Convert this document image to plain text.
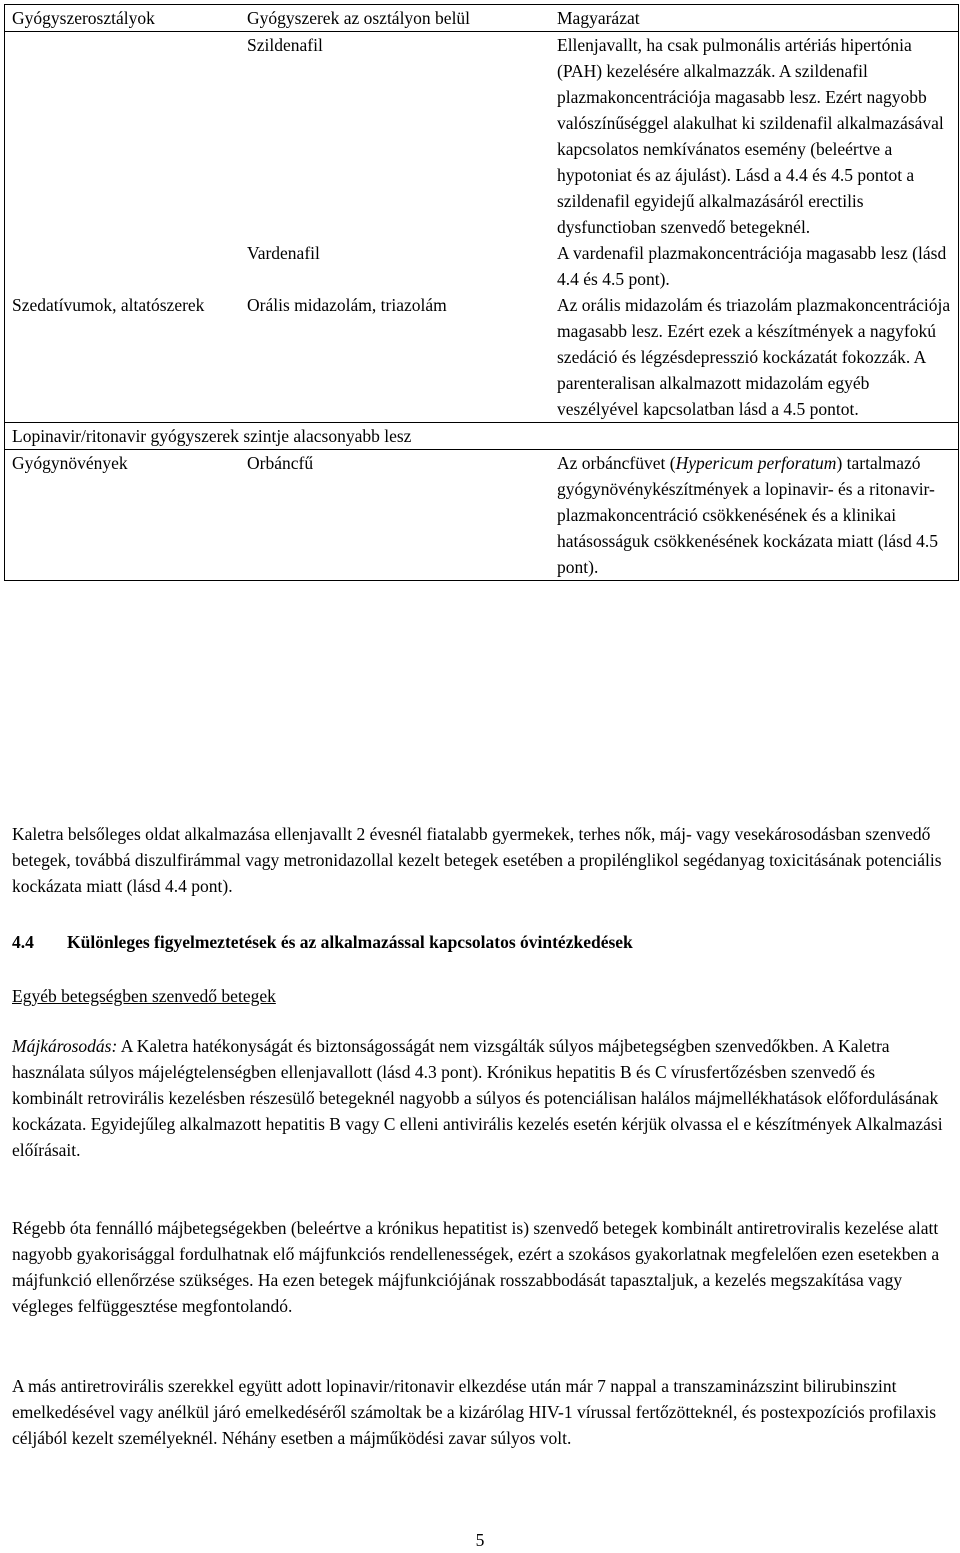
Gyógyszerosztályok	Gyógyszerek az osztályon belül	Magyarázat
	Szildenafil	Ellenjavallt, ha csak pulmonális artériás hipertónia (PAH) kezelésére alkalmazzák. A szildenafil plazmakoncentrációja magasabb lesz. Ezért nagyobb valószínűséggel alakulhat ki szildenafil alkalmazásával kapcsolatos nemkívánatos esemény (beleértve a hypotoniat és az ájulást). Lásd a 4.4 és 4.5 pontot a szildenafil egyidejű alkalmazásáról erectilis dysfunctioban szenvedő betegeknél.
	Vardenafil	A vardenafil plazmakoncentrációja magasabb lesz (lásd 4.4 és 4.5 pont).
Szedatívumok, altatószerek	Orális midazolám, triazolám	Az orális midazolám és triazolám plazmakoncentrációja magasabb lesz. Ezért ezek a készítmények a nagyfokú szedáció és légzésdepresszió kockázatát fokozzák. A parenteralisan alkalmazott midazolám egyéb veszélyével kapcsolatban lásd a 4.5 pontot.
Lopinavir/ritonavir gyógyszerek szintje alacsonyabb lesz		
Gyógynövények	Orbáncfű	Az orbáncfüvet (Hypericum perforatum) tartalmazó gyógynövénykészítmények a lopinavir- és a ritonavir-plazmakoncentráció csökkenésének és a klinikai hatásosságuk csökkenésének kockázata miatt (lásd 4.5 pont).

Kaletra belsőleges oldat alkalmazása ellenjavallt 2 évesnél fiatalabb gyermekek, terhes nők, máj- vagy vesekárosodásban szenvedő betegek, továbbá diszulfirámmal vagy metronidazollal kezelt betegek esetében a propilénglikol segédanyag toxicitásának potenciális kockázata miatt (lásd 4.4 pont).

4.4 Különleges figyelmeztetések és az alkalmazással kapcsolatos óvintézkedések
Egyéb betegségben szenvedő betegek

Májkárosodás: A Kaletra hatékonyságát és biztonságosságát nem vizsgálták súlyos májbetegségben szenvedőkben. A Kaletra használata súlyos májelégtelenségben ellenjavallott (lásd 4.3 pont). Krónikus hepatitis B és C vírusfertőzésben szenvedő és kombinált retrovirális kezelésben részesülő betegeknél nagyobb a súlyos és potenciálisan halálos májmellékhatások előfordulásának kockázata. Egyidejűleg alkalmazott hepatitis B vagy C elleni antivirális kezelés esetén kérjük olvassa el e készítmények Alkalmazási előírásait.

Régebb óta fennálló májbetegségekben (beleértve a krónikus hepatitist is) szenvedő betegek kombinált antiretroviralis kezelése alatt nagyobb gyakorisággal fordulhatnak elő májfunkciós rendellenességek, ezért a szokásos gyakorlatnak megfelelően ezen esetekben a májfunkció ellenőrzése szükséges. Ha ezen betegek májfunkciójának rosszabbodását tapasztaljuk, a kezelés megszakítása vagy végleges felfüggesztése megfontolandó.

A más antiretrovirális szerekkel együtt adott lopinavir/ritonavir elkezdése után már 7 nappal a transzaminázszint bilirubinszint emelkedésével vagy anélkül járó emelkedéséről számoltak be a kizárólag HIV-1 vírussal fertőzötteknél, és postexpozíciós profilaxis céljából kezelt személyeknél. Néhány esetben a májműködési zavar súlyos volt.

5
